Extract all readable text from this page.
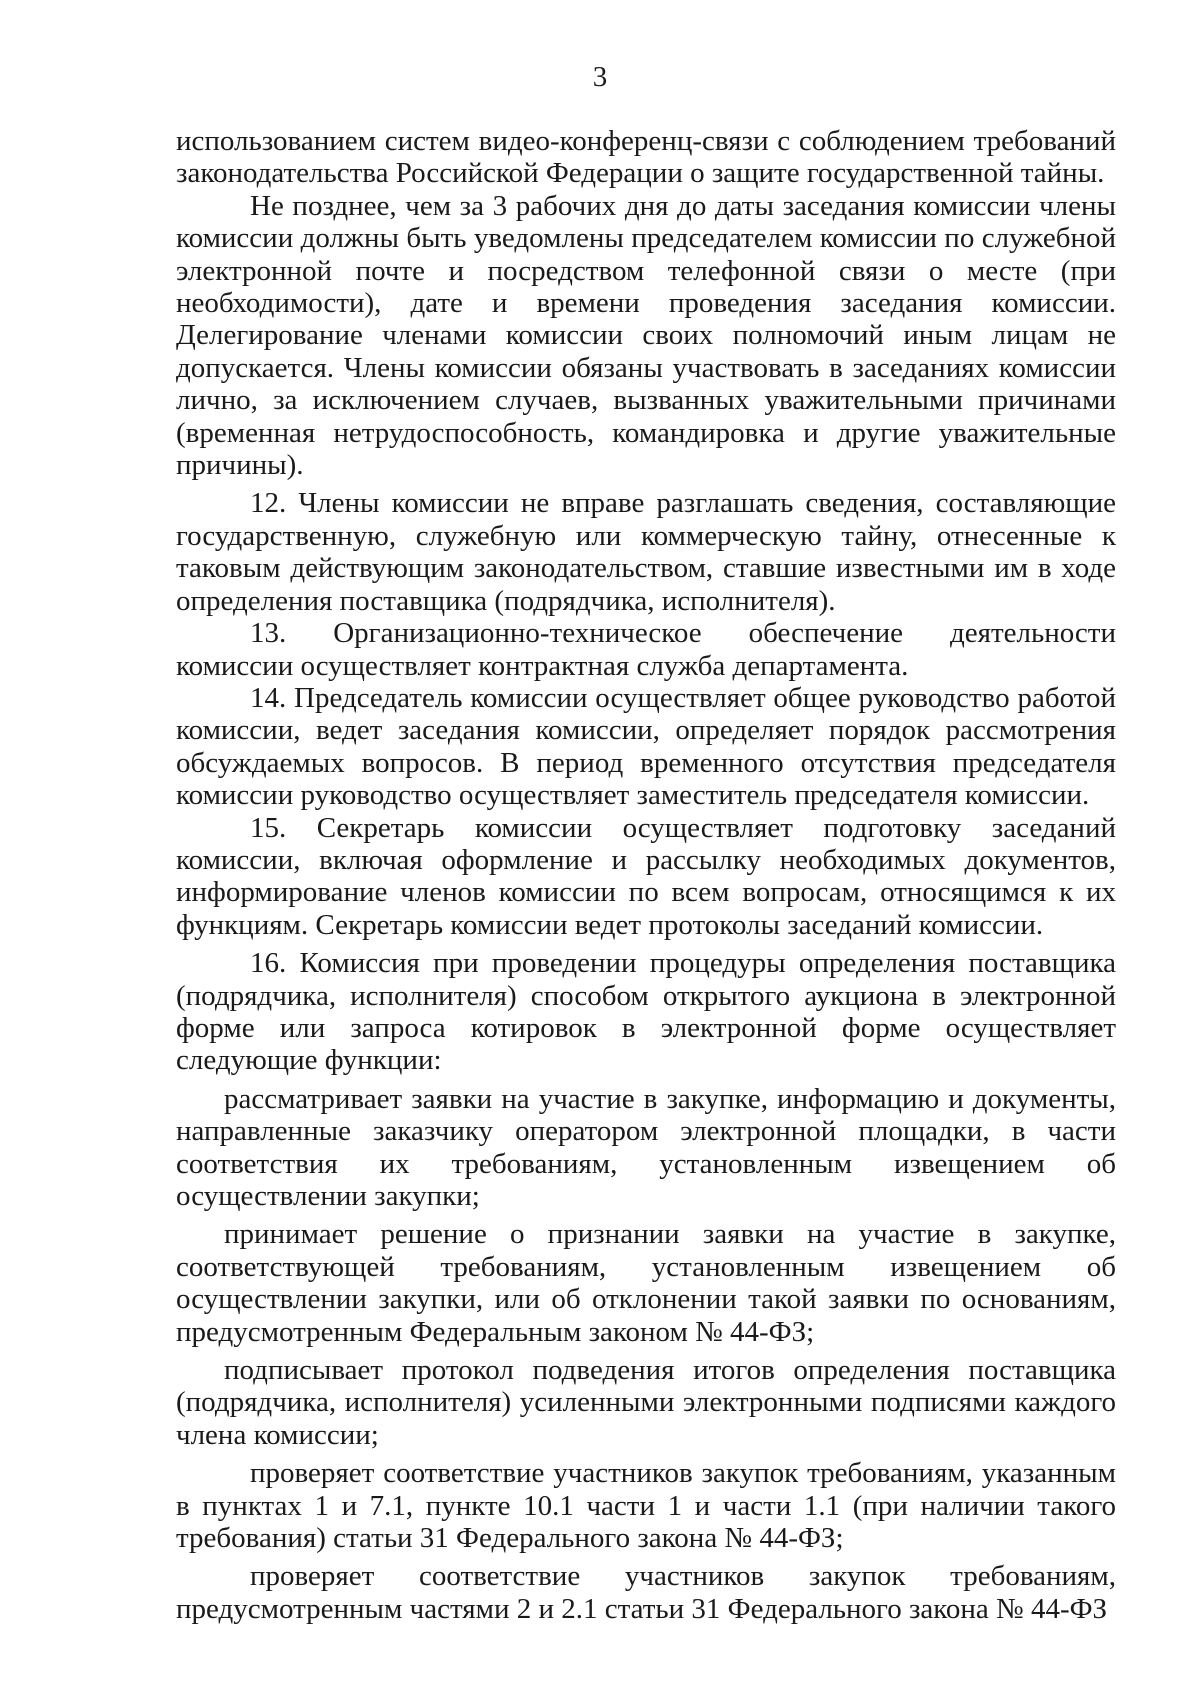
3

использованием систем видео-конференц-связи с соблюдением требований законодательства Российской Федерации о защите государственной тайны.

Не позднее, чем за 3 рабочих дня до даты заседания комиссии члены комиссии должны быть уведомлены председателем комиссии по служебной электронной почте и посредством телефонной связи о месте (при необходимости), дате и времени проведения заседания комиссии. Делегирование членами комиссии своих полномочий иным лицам не допускается. Члены комиссии обязаны участвовать в заседаниях комиссии лично, за исключением случаев, вызванных уважительными причинами (временная нетрудоспособность, командировка и другие уважительные причины).

12. Члены комиссии не вправе разглашать сведения, составляющие государственную, служебную или коммерческую тайну, отнесенные к таковым действующим законодательством, ставшие известными им в ходе определения поставщика (подрядчика, исполнителя).

13. Организационно-техническое обеспечение деятельности комиссии осуществляет контрактная служба департамента.

14. Председатель комиссии осуществляет общее руководство работой комиссии, ведет заседания комиссии, определяет порядок рассмотрения обсуждаемых вопросов. В период временного отсутствия председателя комиссии руководство осуществляет заместитель председателя комиссии.

15. Секретарь комиссии осуществляет подготовку заседаний комиссии, включая оформление и рассылку необходимых документов, информирование членов комиссии по всем вопросам, относящимся к их функциям. Секретарь комиссии ведет протоколы заседаний комиссии.

16. Комиссия при проведении процедуры определения поставщика (подрядчика, исполнителя) способом открытого аукциона в электронной форме или запроса котировок в электронной форме осуществляет следующие функции:

рассматривает заявки на участие в закупке, информацию и документы, направленные заказчику оператором электронной площадки, в части соответствия их требованиям, установленным извещением об осуществлении закупки;

принимает решение о признании заявки на участие в закупке, соответствующей требованиям, установленным извещением об осуществлении закупки, или об отклонении такой заявки по основаниям, предусмотренным Федеральным законом № 44-ФЗ;

подписывает протокол подведения итогов определения поставщика (подрядчика, исполнителя) усиленными электронными подписями каждого члена комиссии;

проверяет соответствие участников закупок требованиям, указанным в пунктах 1 и 7.1, пункте 10.1 части 1 и части 1.1 (при наличии такого требования) статьи 31 Федерального закона № 44-ФЗ;

проверяет соответствие участников закупок требованиям, предусмотренным частями 2 и 2.1 статьи 31 Федерального закона № 44-ФЗ
